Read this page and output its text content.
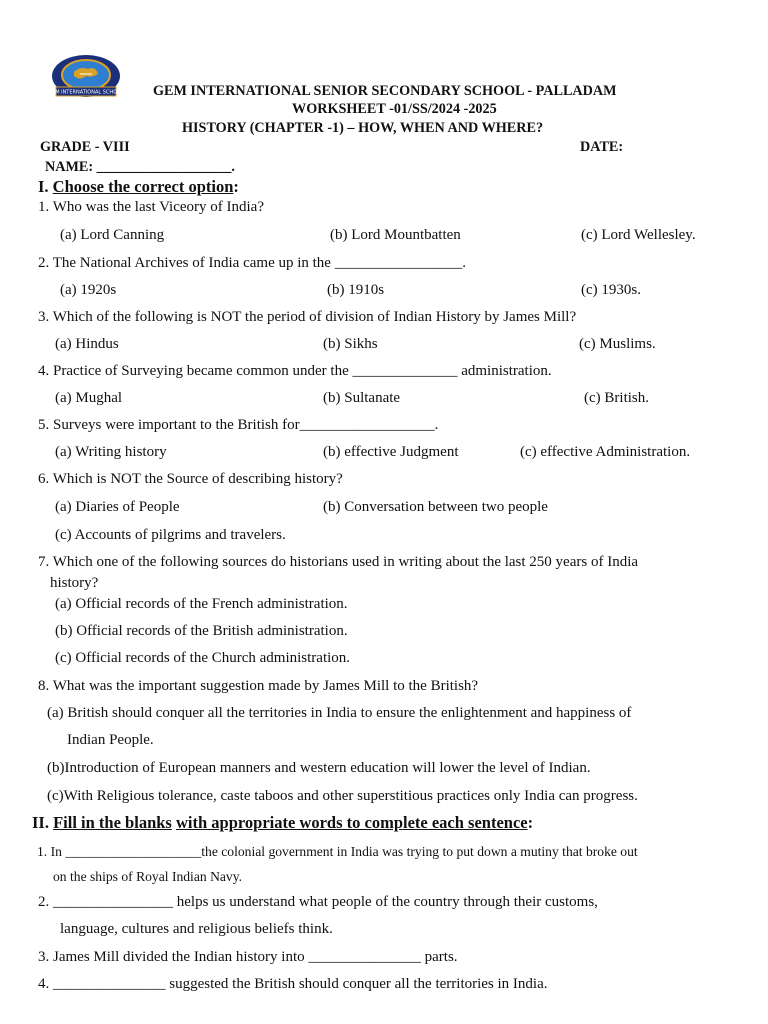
GEM INTERNATIONAL SCHOOL GEM INTERNATIONAL SENIOR SECONDARY SCHOOL - PALLADAM
WORKSHEET -01/SS/2024 -2025
HISTORY (CHAPTER -1) – HOW, WHEN AND WHERE?
GRADE - VIII	DATE:
NAME: ___________________.
I. Choose the correct option:
1. Who was the last Viceory of India?
(a) Lord Canning	(b) Lord Mountbatten	(c) Lord Wellesley.
2. The National Archives of India came up in the _________________.
(a) 1920s	(b) 1910s	(c) 1930s.
3. Which of the following is NOT the period of division of Indian History by James Mill?
(a) Hindus	(b) Sikhs	(c) Muslims.
4. Practice of Surveying became common under the ______________ administration.
(a) Mughal	(b) Sultanate	(c) British.
5. Surveys were important to the British for__________________.
(a) Writing history	(b) effective Judgment	(c) effective Administration.
6. Which is NOT the Source of describing history?
(a) Diaries of People	(b) Conversation between two people
(c) Accounts of pilgrims and travelers.
7. Which one of the following sources do historians used in writing about the last 250 years of India
history?
(a) Official records of the French administration.
(b) Official records of the British administration.
(c) Official records of the Church administration.
8. What was the important suggestion made by James Mill to the British?
(a) British should conquer all the territories in India to ensure the enlightenment and happiness of
Indian People.
(b)Introduction of European manners and western education will lower the level of Indian.
(c)With Religious tolerance, caste taboos and other superstitious practices only India can progress.
II. Fill in the blanks with appropriate words to complete each sentence:
1. In ____________________the colonial government in India was trying to put down a mutiny that broke out
on the ships of Royal Indian Navy.
2. ________________ helps us understand what people of the country through their customs,
language, cultures and religious beliefs think.
3. James Mill divided the Indian history into _______________ parts.
4. _______________ suggested the British should conquer all the territories in India.
